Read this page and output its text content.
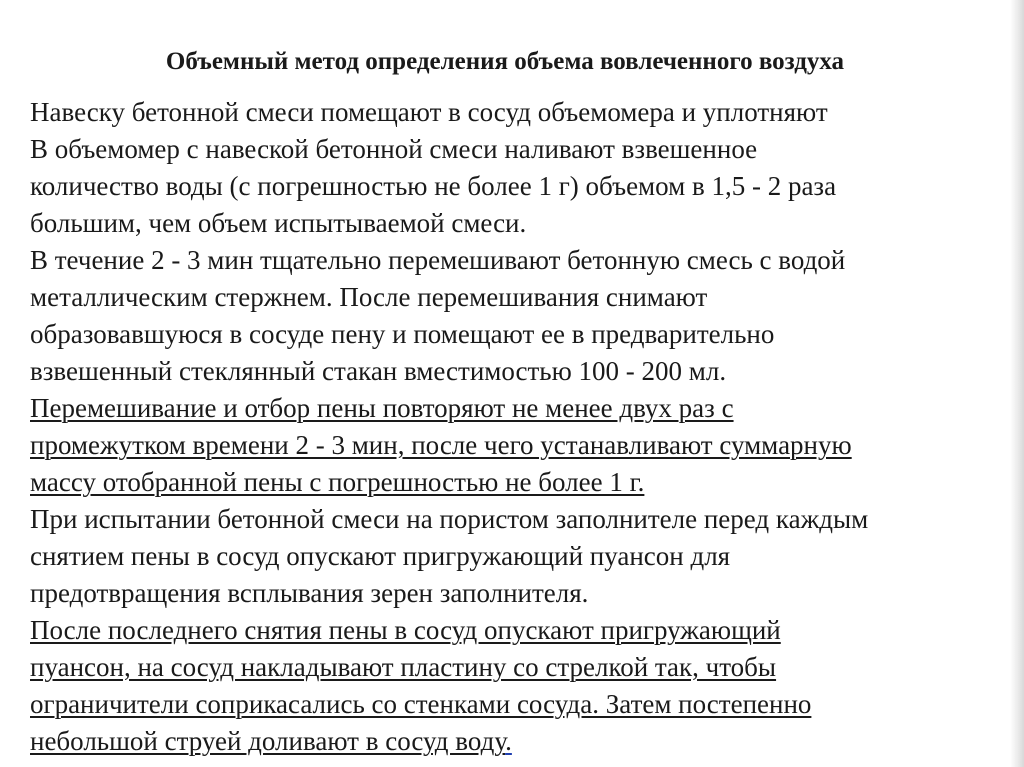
Объемный метод определения объема вовлеченного воздуха
Навеску бетонной смеси помещают в сосуд объемомера и уплотняют
В объемомер с навеской бетонной смеси наливают взвешенное
количество воды (с погрешностью не более 1 г) объемом в 1,5 - 2 раза
большим, чем объем испытываемой смеси.
В течение 2 - 3 мин тщательно перемешивают бетонную смесь с водой
металлическим стержнем. После перемешивания снимают
образовавшуюся в сосуде пену и помещают ее в предварительно
взвешенный стеклянный стакан вместимостью 100 - 200 мл.
Перемешивание и отбор пены повторяют не менее двух раз с
промежутком времени 2 - 3 мин, после чего устанавливают суммарную
массу отобранной пены с погрешностью не более 1 г.
При испытании бетонной смеси на пористом заполнителе перед каждым
снятием пены в сосуд опускают пригружающий пуансон для
предотвращения всплывания зерен заполнителя.
После последнего снятия пены в сосуд опускают пригружающий
пуансон, на сосуд накладывают пластину со стрелкой так, чтобы
ограничители соприкасались со стенками сосуда. Затем постепенно
небольшой струей доливают в сосуд воду.
